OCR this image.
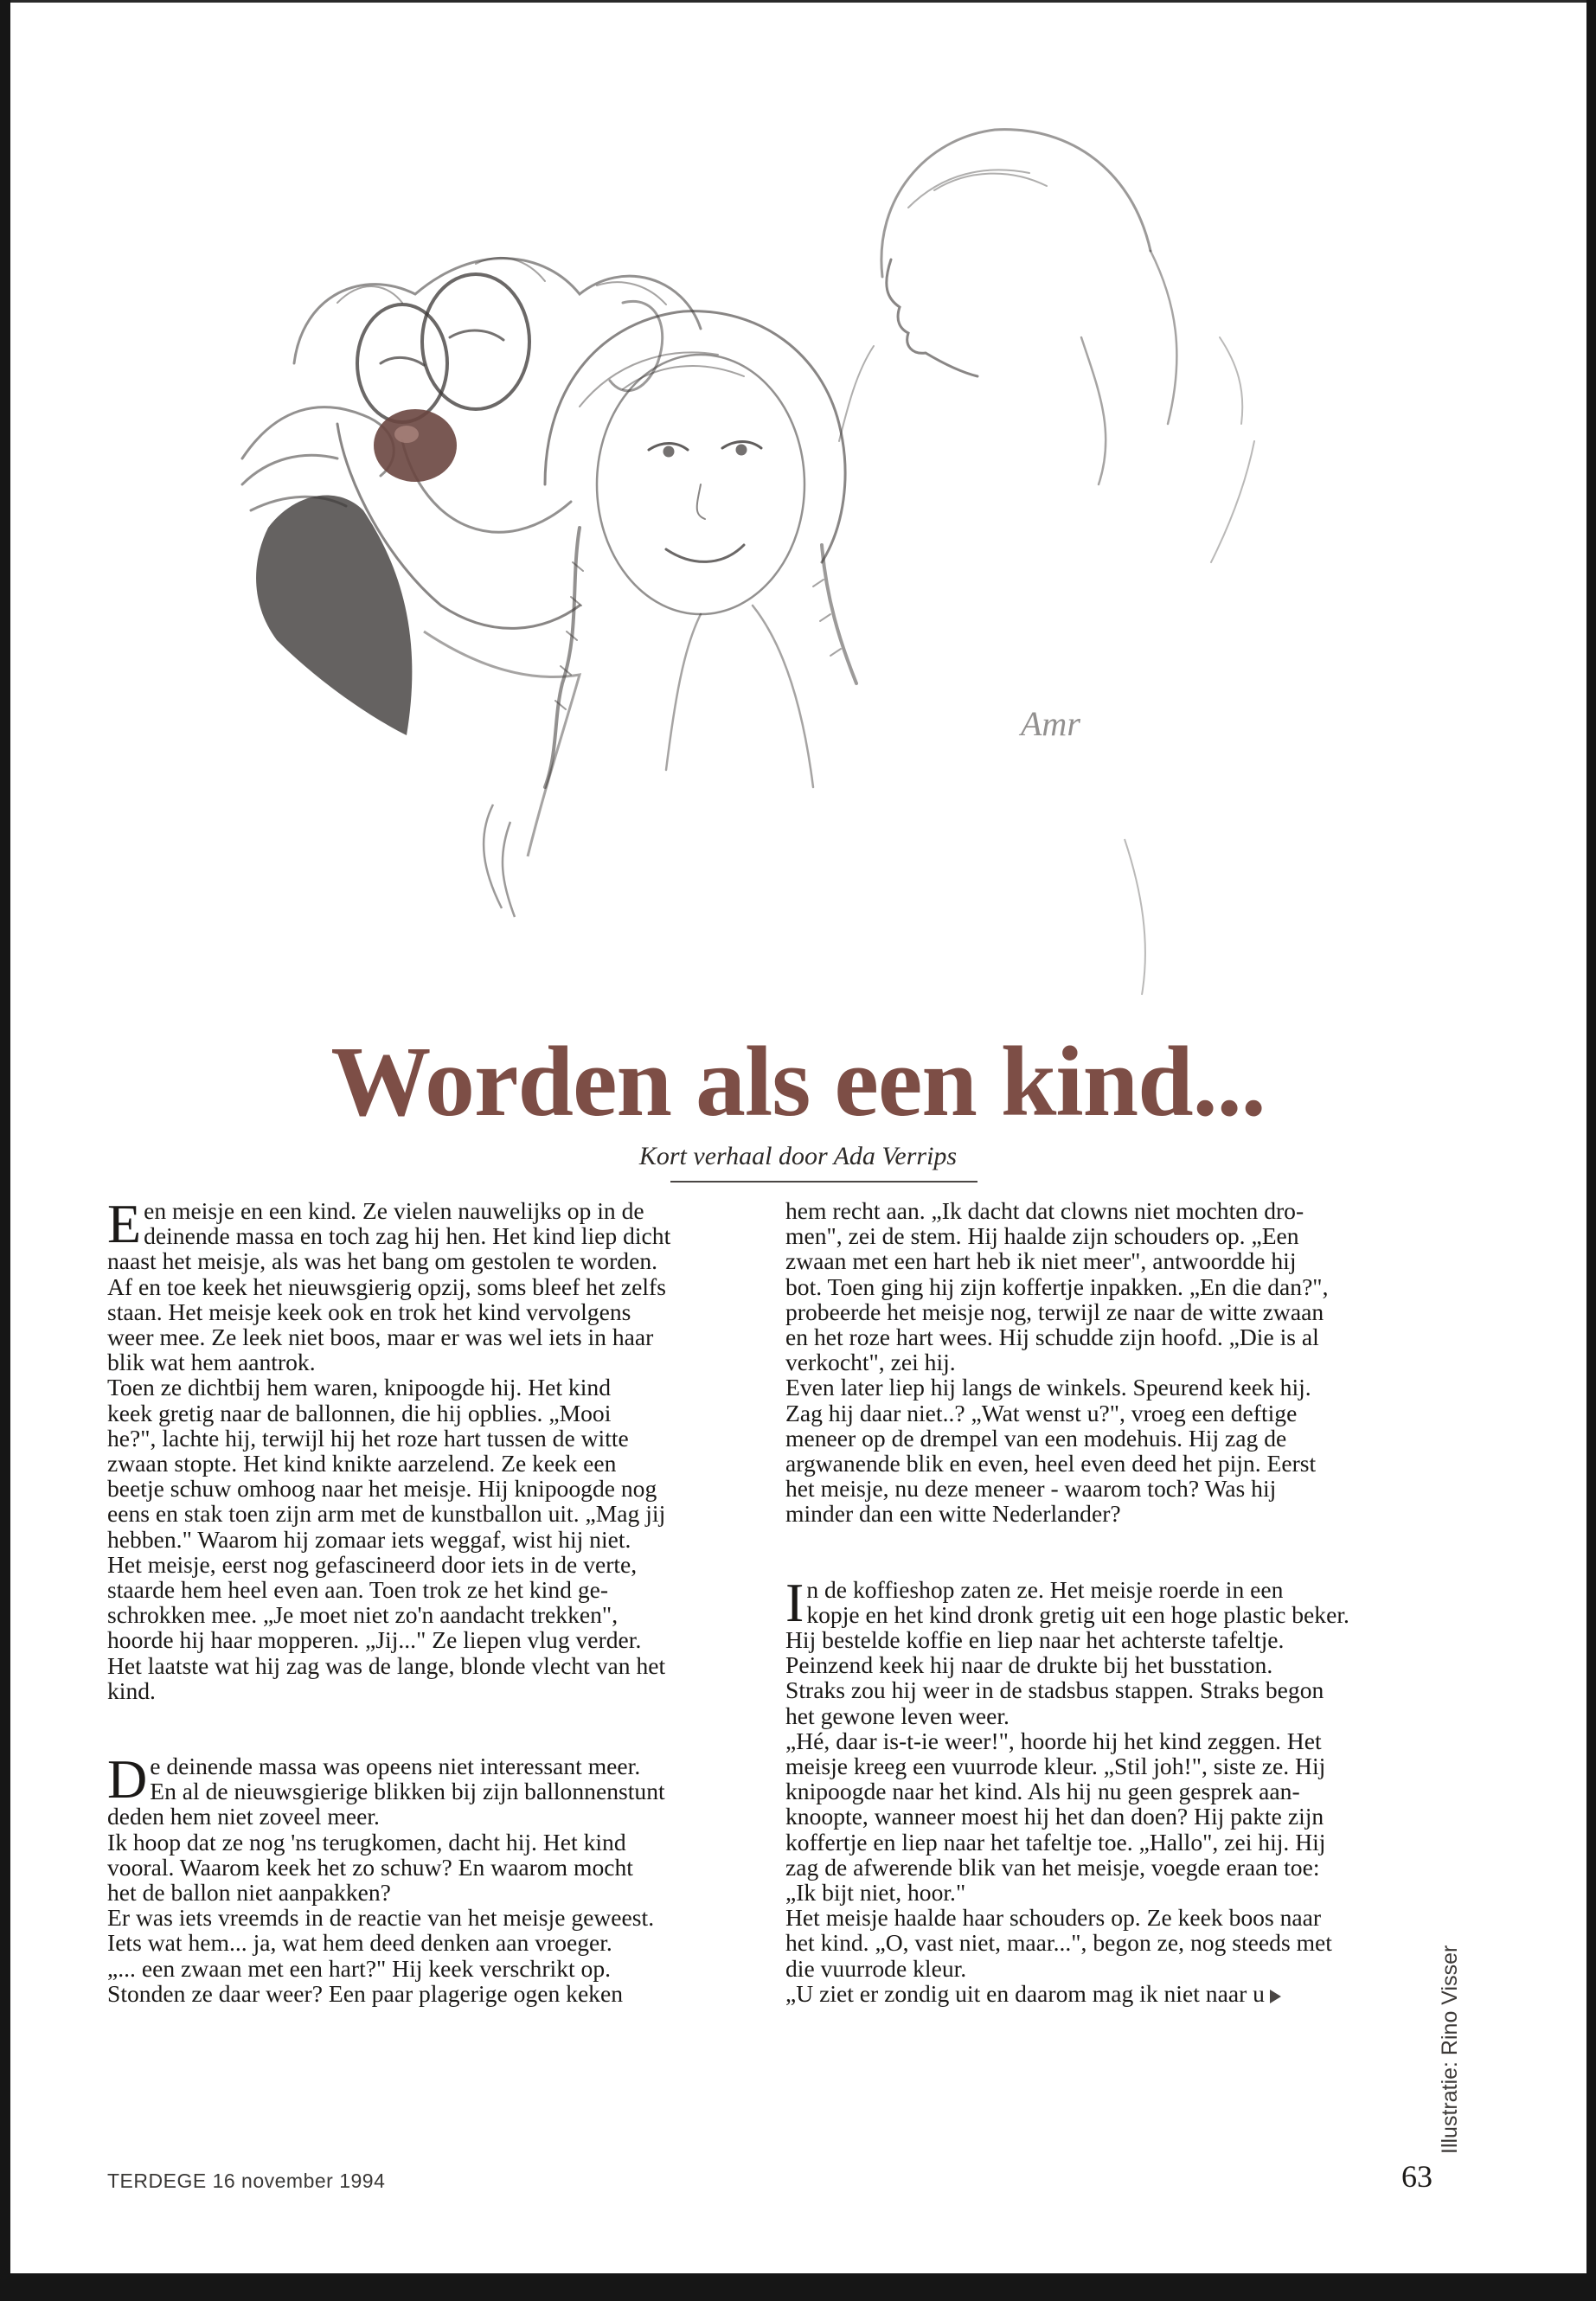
Amr
Worden als een kind...

Kort verhaal door Ada Verrips

E en meisje en een kind. Ze vielen nauwelijks op in de
deinende massa en toch zag hij hen. Het kind liep dicht
naast het meisje, als was het bang om gestolen te worden.
Af en toe keek het nieuwsgierig opzij, soms bleef het zelfs
staan. Het meisje keek ook en trok het kind vervolgens
weer mee. Ze leek niet boos, maar er was wel iets in haar
blik wat hem aantrok.
Toen ze dichtbij hem waren, knipoogde hij. Het kind
keek gretig naar de ballonnen, die hij opblies. „Mooi
he?", lachte hij, terwijl hij het roze hart tussen de witte
zwaan stopte. Het kind knikte aarzelend. Ze keek een
beetje schuw omhoog naar het meisje. Hij knipoogde nog
eens en stak toen zijn arm met de kunstballon uit. „Mag jij
hebben." Waarom hij zomaar iets weggaf, wist hij niet.
Het meisje, eerst nog gefascineerd door iets in de verte,
staarde hem heel even aan. Toen trok ze het kind ge-
schrokken mee. „Je moet niet zo'n aandacht trekken",
hoorde hij haar mopperen. „Jij..." Ze liepen vlug verder.
Het laatste wat hij zag was de lange, blonde vlecht van het
kind.

D e deinende massa was opeens niet interessant meer.
En al de nieuwsgierige blikken bij zijn ballonnenstunt
deden hem niet zoveel meer.
Ik hoop dat ze nog 'ns terugkomen, dacht hij. Het kind
vooral. Waarom keek het zo schuw? En waarom mocht
het de ballon niet aanpakken?
Er was iets vreemds in de reactie van het meisje geweest.
Iets wat hem... ja, wat hem deed denken aan vroeger.
„... een zwaan met een hart?" Hij keek verschrikt op.
Stonden ze daar weer? Een paar plagerige ogen keken

hem recht aan. „Ik dacht dat clowns niet mochten dro-
men", zei de stem. Hij haalde zijn schouders op. „Een
zwaan met een hart heb ik niet meer", antwoordde hij
bot. Toen ging hij zijn koffertje inpakken. „En die dan?",
probeerde het meisje nog, terwijl ze naar de witte zwaan
en het roze hart wees. Hij schudde zijn hoofd. „Die is al
verkocht", zei hij.
Even later liep hij langs de winkels. Speurend keek hij.
Zag hij daar niet..? „Wat wenst u?", vroeg een deftige
meneer op de drempel van een modehuis. Hij zag de
argwanende blik en even, heel even deed het pijn. Eerst
het meisje, nu deze meneer - waarom toch? Was hij
minder dan een witte Nederlander?

I n de koffieshop zaten ze. Het meisje roerde in een
kopje en het kind dronk gretig uit een hoge plastic beker.
Hij bestelde koffie en liep naar het achterste tafeltje.
Peinzend keek hij naar de drukte bij het busstation.
Straks zou hij weer in de stadsbus stappen. Straks begon
het gewone leven weer.
„Hé, daar is-t-ie weer!", hoorde hij het kind zeggen. Het
meisje kreeg een vuurrode kleur. „Stil joh!", siste ze. Hij
knipoogde naar het kind. Als hij nu geen gesprek aan-
knoopte, wanneer moest hij het dan doen? Hij pakte zijn
koffertje en liep naar het tafeltje toe. „Hallo", zei hij. Hij
zag de afwerende blik van het meisje, voegde eraan toe:
„Ik bijt niet, hoor."
Het meisje haalde haar schouders op. Ze keek boos naar
het kind. „O, vast niet, maar...", begon ze, nog steeds met
die vuurrode kleur.
„U ziet er zondig uit en daarom mag ik niet naar u	Illustratie: Rino Visser
TERDEGE 16 november 1994	63
